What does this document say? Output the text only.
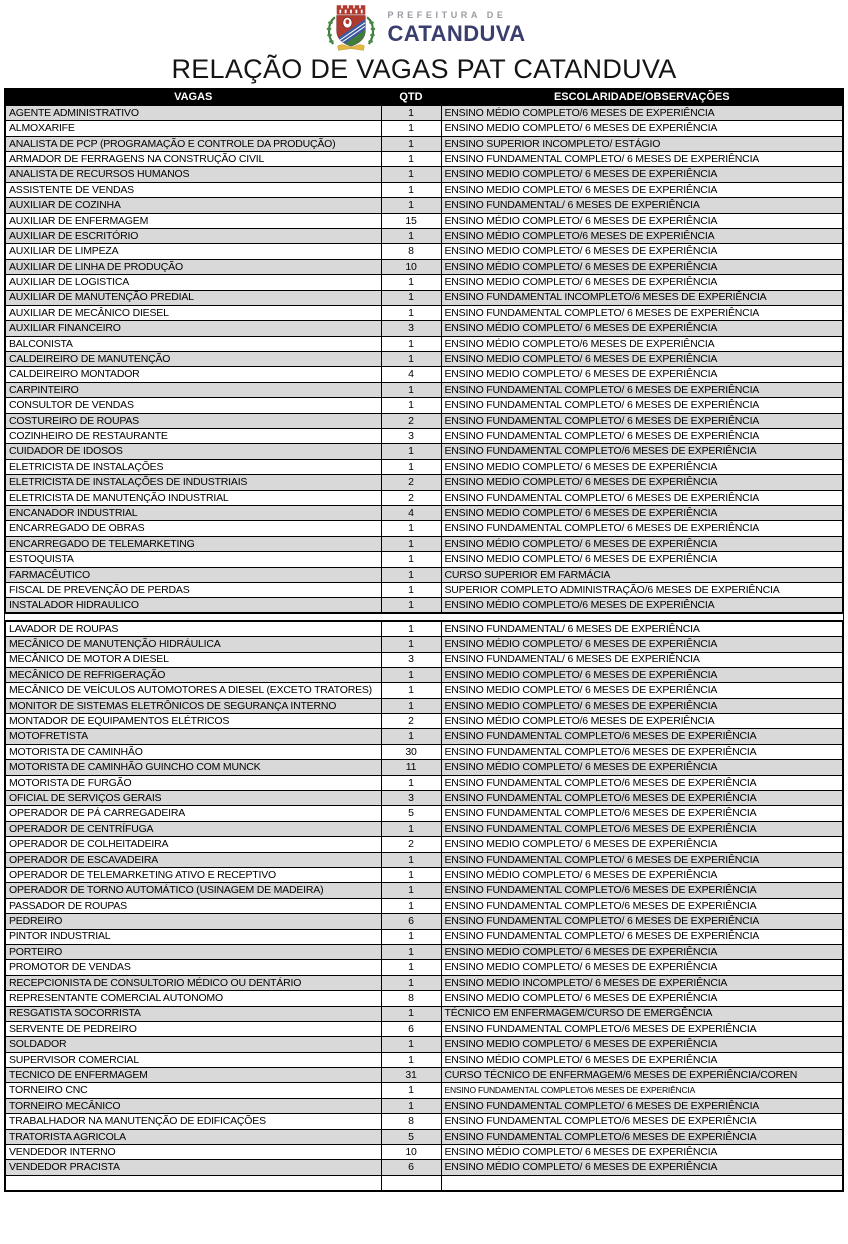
PREFEITURA DE
CATANDUVA
RELAÇÃO DE VAGAS PAT CATANDUVA
VAGAS	QTD	ESCOLARIDADE/OBSERVAÇÕES
AGENTE ADMINISTRATIVO	1	ENSINO MÉDIO COMPLETO/6 MESES DE EXPERIÊNCIA
ALMOXARIFE	1	ENSINO MEDIO COMPLETO/ 6 MESES DE EXPERIÊNCIA
ANALISTA DE PCP (PROGRAMAÇÃO E CONTROLE DA PRODUÇÃO)	1	ENSINO SUPERIOR INCOMPLETO/ ESTÁGIO
ARMADOR DE FERRAGENS NA CONSTRUÇÃO CIVIL	1	ENSINO FUNDAMENTAL COMPLETO/ 6 MESES DE EXPERIÊNCIA
ANALISTA DE RECURSOS HUMANOS	1	ENSINO MEDIO COMPLETO/ 6 MESES DE EXPERIÊNCIA
ASSISTENTE DE VENDAS	1	ENSINO MEDIO COMPLETO/ 6 MESES DE EXPERIÊNCIA
AUXILIAR DE COZINHA	1	ENSINO FUNDAMENTAL/ 6 MESES DE EXPERIÊNCIA
AUXILIAR DE ENFERMAGEM	15	ENSINO MÉDIO COMPLETO/ 6 MESES DE EXPERIÊNCIA
AUXILIAR DE ESCRITÓRIO	1	ENSINO MÉDIO COMPLETO/6 MESES DE EXPERIÊNCIA
AUXILIAR DE LIMPEZA	8	ENSINO MEDIO COMPLETO/ 6 MESES DE EXPERIÊNCIA
AUXILIAR DE LINHA DE PRODUÇÃO	10	ENSINO MÉDIO COMPLETO/ 6 MESES DE EXPERIÊNCIA
AUXILIAR DE LOGISTICA	1	ENSINO MEDIO COMPLETO/ 6 MESES DE EXPERIÊNCIA
AUXILIAR DE MANUTENÇÃO PREDIAL	1	ENSINO FUNDAMENTAL INCOMPLETO/6 MESES DE EXPERIÊNCIA
AUXILIAR DE MECÂNICO DIESEL	1	ENSINO FUNDAMENTAL COMPLETO/ 6 MESES DE EXPERIÊNCIA
AUXILIAR FINANCEIRO	3	ENSINO MÉDIO COMPLETO/ 6 MESES DE EXPERIÊNCIA
BALCONISTA	1	ENSINO MÉDIO COMPLETO/6 MESES DE EXPERIÊNCIA
CALDEIREIRO DE MANUTENÇÃO	1	ENSINO MEDIO COMPLETO/ 6 MESES DE EXPERIÊNCIA
CALDEIREIRO MONTADOR	4	ENSINO MEDIO COMPLETO/ 6 MESES DE EXPERIÊNCIA
CARPINTEIRO	1	ENSINO FUNDAMENTAL COMPLETO/ 6 MESES DE EXPERIÊNCIA
CONSULTOR DE VENDAS	1	ENSINO FUNDAMENTAL COMPLETO/ 6 MESES DE EXPERIÊNCIA
COSTUREIRO DE ROUPAS	2	ENSINO FUNDAMENTAL COMPLETO/ 6 MESES DE EXPERIÊNCIA
COZINHEIRO DE RESTAURANTE	3	ENSINO FUNDAMENTAL COMPLETO/ 6 MESES DE EXPERIÊNCIA
CUIDADOR DE IDOSOS	1	ENSINO FUNDAMENTAL COMPLETO/6 MESES DE EXPERIÊNCIA
ELETRICISTA DE INSTALAÇÕES	1	ENSINO MEDIO COMPLETO/ 6 MESES DE EXPERIÊNCIA
ELETRICISTA DE INSTALAÇÕES DE INDUSTRIAIS	2	ENSINO MEDIO COMPLETO/ 6 MESES DE EXPERIÊNCIA
ELETRICISTA DE MANUTENÇÃO INDUSTRIAL	2	ENSINO FUNDAMENTAL COMPLETO/ 6 MESES DE EXPERIÊNCIA
ENCANADOR INDUSTRIAL	4	ENSINO MEDIO COMPLETO/ 6 MESES DE EXPERIÊNCIA
ENCARREGADO DE OBRAS	1	ENSINO FUNDAMENTAL COMPLETO/ 6 MESES DE EXPERIÊNCIA
ENCARREGADO DE TELEMARKETING	1	ENSINO MÉDIO COMPLETO/ 6 MESES DE EXPERIÊNCIA
ESTOQUISTA	1	ENSINO MEDIO COMPLETO/ 6 MESES DE EXPERIÊNCIA
FARMACÊUTICO	1	CURSO SUPERIOR EM FARMÁCIA
FISCAL DE PREVENÇÃO DE PERDAS	1	SUPERIOR COMPLETO ADMINISTRAÇÃO/6 MESES DE EXPERIÊNCIA
INSTALADOR HIDRAULICO	1	ENSINO MÉDIO COMPLETO/6 MESES DE EXPERIÊNCIA
LAVADOR DE ROUPAS	1	ENSINO FUNDAMENTAL/ 6 MESES DE EXPERIÊNCIA
MECÂNICO DE MANUTENÇÃO HIDRÁULICA	1	ENSINO MÉDIO COMPLETO/ 6 MESES DE EXPERIÊNCIA
MECÂNICO DE MOTOR A DIESEL	3	ENSINO FUNDAMENTAL/ 6 MESES DE EXPERIÊNCIA
MECÂNICO DE REFRIGERAÇÃO	1	ENSINO MEDIO COMPLETO/ 6 MESES DE EXPERIÊNCIA
MECÂNICO DE VEÍCULOS AUTOMOTORES A DIESEL (EXCETO TRATORES)	1	ENSINO MEDIO COMPLETO/ 6 MESES DE EXPERIÊNCIA
MONITOR DE SISTEMAS ELETRÔNICOS DE SEGURANÇA INTERNO	1	ENSINO MEDIO COMPLETO/ 6 MESES DE EXPERIÊNCIA
MONTADOR DE EQUIPAMENTOS ELÉTRICOS	2	ENSINO MÉDIO COMPLETO/6 MESES DE EXPERIÊNCIA
MOTOFRETISTA	1	ENSINO FUNDAMENTAL COMPLETO/6 MESES DE EXPERIÊNCIA
MOTORISTA DE CAMINHÃO	30	ENSINO FUNDAMENTAL COMPLETO/6 MESES DE EXPERIÊNCIA
MOTORISTA DE CAMINHÃO GUINCHO COM MUNCK	11	ENSINO MÉDIO COMPLETO/ 6 MESES DE EXPERIÊNCIA
MOTORISTA DE FURGÃO	1	ENSINO FUNDAMENTAL COMPLETO/6 MESES DE EXPERIÊNCIA
OFICIAL DE SERVIÇOS GERAIS	3	ENSINO FUNDAMENTAL COMPLETO/6 MESES DE EXPERIÊNCIA
OPERADOR DE PÁ CARREGADEIRA	5	ENSINO FUNDAMENTAL COMPLETO/6 MESES DE EXPERIÊNCIA
OPERADOR DE CENTRÍFUGA	1	ENSINO FUNDAMENTAL COMPLETO/6 MESES DE EXPERIÊNCIA
OPERADOR DE COLHEITADEIRA	2	ENSINO MEDIO COMPLETO/ 6 MESES DE EXPERIÊNCIA
OPERADOR DE ESCAVADEIRA	1	ENSINO FUNDAMENTAL COMPLETO/ 6 MESES DE EXPERIÊNCIA
OPERADOR DE TELEMARKETING ATIVO E RECEPTIVO	1	ENSINO MÉDIO COMPLETO/ 6 MESES DE EXPERIÊNCIA
OPERADOR DE TORNO AUTOMÁTICO (USINAGEM DE MADEIRA)	1	ENSINO FUNDAMENTAL COMPLETO/6 MESES DE EXPERIÊNCIA
PASSADOR DE ROUPAS	1	ENSINO FUNDAMENTAL COMPLETO/6 MESES DE EXPERIÊNCIA
PEDREIRO	6	ENSINO FUNDAMENTAL COMPLETO/ 6 MESES DE EXPERIÊNCIA
PINTOR INDUSTRIAL	1	ENSINO FUNDAMENTAL COMPLETO/ 6 MESES DE EXPERIÊNCIA
PORTEIRO	1	ENSINO MEDIO COMPLETO/ 6 MESES DE EXPERIÊNCIA
PROMOTOR DE VENDAS	1	ENSINO MEDIO COMPLETO/ 6 MESES DE EXPERIÊNCIA
RECEPCIONISTA DE CONSULTORIO MÉDICO OU DENTÁRIO	1	ENSINO MEDIO INCOMPLETO/ 6 MESES DE EXPERIÊNCIA
REPRESENTANTE COMERCIAL AUTONOMO	8	ENSINO MEDIO COMPLETO/ 6 MESES DE EXPERIÊNCIA
RESGATISTA SOCORRISTA	1	TÉCNICO EM ENFERMAGEM/CURSO DE EMERGÊNCIA
SERVENTE DE PEDREIRO	6	ENSINO FUNDAMENTAL COMPLETO/6 MESES DE EXPERIÊNCIA
SOLDADOR	1	ENSINO MEDIO COMPLETO/ 6 MESES DE EXPERIÊNCIA
SUPERVISOR COMERCIAL	1	ENSINO MÉDIO COMPLETO/ 6 MESES DE EXPERIÊNCIA
TECNICO DE ENFERMAGEM	31	CURSO TÉCNICO DE ENFERMAGEM/6 MESES DE EXPERIÊNCIA/COREN
TORNEIRO CNC	1	ENSINO FUNDAMENTAL COMPLETO/6 MESES DE EXPERIÊNCIA
TORNEIRO MECÂNICO	1	ENSINO FUNDAMENTAL COMPLETO/ 6 MESES DE EXPERIÊNCIA
TRABALHADOR NA MANUTENÇÃO DE EDIFICAÇÕES	8	ENSINO FUNDAMENTAL COMPLETO/6 MESES DE EXPERIÊNCIA
TRATORISTA AGRICOLA	5	ENSINO FUNDAMENTAL COMPLETO/6 MESES DE EXPERIÊNCIA
VENDEDOR INTERNO	10	ENSINO MÉDIO COMPLETO/ 6 MESES DE EXPERIÊNCIA
VENDEDOR PRACISTA	6	ENSINO MÉDIO COMPLETO/ 6 MESES DE EXPERIÊNCIA
